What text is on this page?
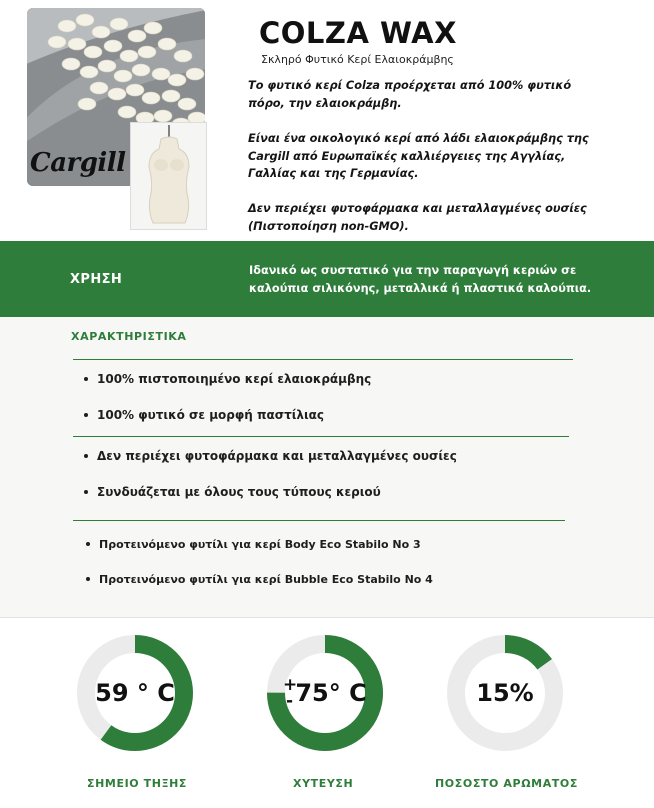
Cargill
COLZA WAX
Σκληρό Φυτικό Κερί Ελαιοκράμβης
Το φυτικό κερί Colza προέρχεται από 100% φυτικό πόρο, την ελαιοκράμβη.
Είναι ένα οικολογικό κερί από λάδι ελαιοκράμβης της Cargill από Ευρωπαϊκές καλλιέργειες της Αγγλίας, Γαλλίας και της Γερμανίας.
Δεν περιέχει φυτοφάρμακα και μεταλλαγμένες ουσίες (Πιστοποίηση non-GMO).
ΧΡΗΣΗ
Ιδανικό ως συστατικό για την παραγωγή κεριών σε καλούπια σιλικόνης, μεταλλικά ή πλαστικά καλούπια.
ΧΑΡΑΚΤΗΡΙΣΤΙΚΑ
100% πιστοποιημένο κερί ελαιοκράμβης
100% φυτικό σε μορφή παστίλιας
Δεν περιέχει φυτοφάρμακα και μεταλλαγμένες ουσίες
Συνδυάζεται με όλους τους τύπους κεριού
Προτεινόμενο φυτίλι για κερί Body Eco Stabilo No 3
Προτεινόμενο φυτίλι για κερί Bubble Eco Stabilo No 4
59 ° C
ΣΗΜΕΙΟ ΤΗΞΗΣ
75° C
+
-
ΧΥΤΕΥΣΗ
15%
ΠΟΣΟΣΤΟ ΑΡΩΜΑΤΟΣ
